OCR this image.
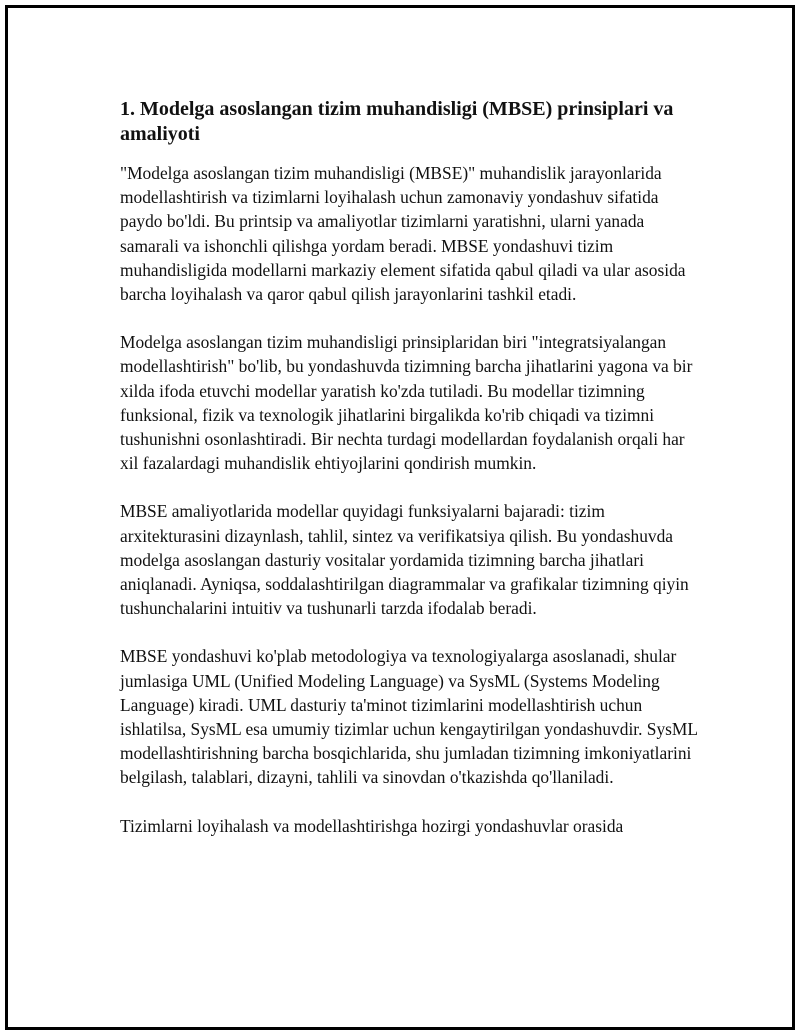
1. Modelga asoslangan tizim muhandisligi (MBSE) prinsiplari va amaliyoti

"Modelga asoslangan tizim muhandisligi (MBSE)" muhandislik jarayonlarida modellashtirish va tizimlarni loyihalash uchun zamonaviy yondashuv sifatida paydo bo'ldi. Bu printsip va amaliyotlar tizimlarni yaratishni, ularni yanada samarali va ishonchli qilishga yordam beradi. MBSE yondashuvi tizim muhandisligida modellarni markaziy element sifatida qabul qiladi va ular asosida barcha loyihalash va qaror qabul qilish jarayonlarini tashkil etadi.

Modelga asoslangan tizim muhandisligi prinsiplaridan biri "integratsiyalangan modellashtirish" bo'lib, bu yondashuvda tizimning barcha jihatlarini yagona va bir xilda ifoda etuvchi modellar yaratish ko'zda tutiladi. Bu modellar tizimning funksional, fizik va texnologik jihatlarini birgalikda ko'rib chiqadi va tizimni tushunishni osonlashtiradi. Bir nechta turdagi modellardan foydalanish orqali har xil fazalardagi muhandislik ehtiyojlarini qondirish mumkin.

MBSE amaliyotlarida modellar quyidagi funksiyalarni bajaradi: tizim arxitekturasini dizaynlash, tahlil, sintez va verifikatsiya qilish. Bu yondashuvda modelga asoslangan dasturiy vositalar yordamida tizimning barcha jihatlari aniqlanadi. Ayniqsa, soddalashtirilgan diagrammalar va grafikalar tizimning qiyin tushunchalarini intuitiv va tushunarli tarzda ifodalab beradi.

MBSE yondashuvi ko'plab metodologiya va texnologiyalarga asoslanadi, shular jumlasiga UML (Unified Modeling Language) va SysML (Systems Modeling Language) kiradi. UML dasturiy ta'minot tizimlarini modellashtirish uchun ishlatilsa, SysML esa umumiy tizimlar uchun kengaytirilgan yondashuvdir. SysML modellashtirishning barcha bosqichlarida, shu jumladan tizimning imkoniyatlarini belgilash, talablari, dizayni, tahlili va sinovdan o'tkazishda qo'llaniladi.

Tizimlarni loyihalash va modellashtirishga hozirgi yondashuvlar orasida
